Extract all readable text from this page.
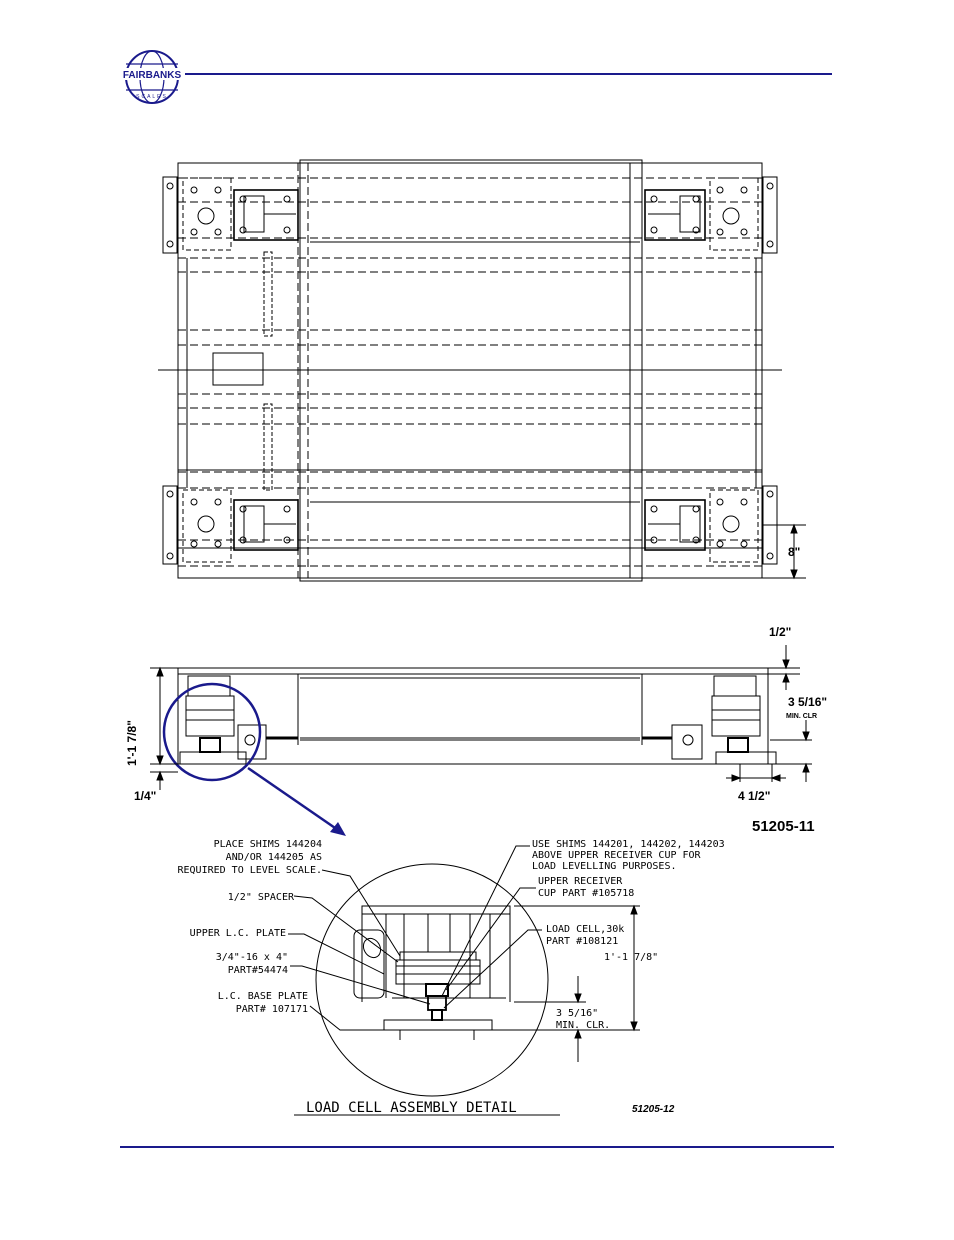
FAIRBANKS
SCALES
8"
1/2"
3 5/16"
MIN. CLR
1'-1 7/8"
1/4"	4 1/2"
51205-11
PLACE SHIMS 144204
AND/OR 144205 AS
REQUIRED TO LEVEL SCALE.
1/2" SPACER
UPPER L.C. PLATE
3/4"-16 x 4"
PART#54474
L.C. BASE PLATE
PART# 107171
USE SHIMS 144201, 144202, 144203
ABOVE UPPER RECEIVER CUP FOR
LOAD LEVELLING PURPOSES.
UPPER RECEIVER
CUP PART #105718
LOAD CELL,30k
PART #108121
1'-1 7/8"
3 5/16"
MIN. CLR.
LOAD CELL ASSEMBLY DETAIL	51205-12
